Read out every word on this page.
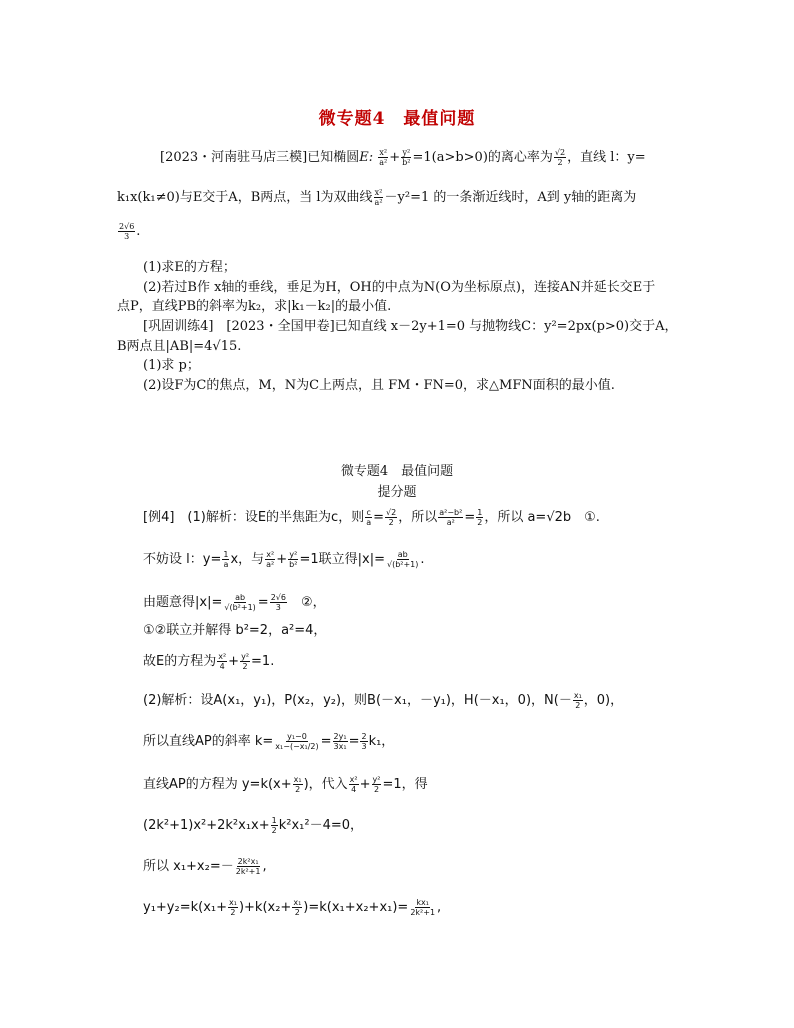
微专题4　最值问题
[2023・河南驻马店三模]已知椭圆E: $\frac{\text{x²}}{\text{a²}} + \frac{\text{y²}}{\text{b²}} =1(a>b>0)$的离心率为 $\frac{√2}{2}$ ，直线 l：y=
k₁x(k₁≠0)与E交于A，B两点，当 l为双曲线 $\frac{\text{x²}}{\text{a²}} -y^2=1$ 的一条渐近线时，A到 y轴的距离为
$\frac{2√6}{3}$ .
(1)求E的方程；
(2)若过B作 x轴的垂线，垂足为H，OH的中点为N(O为坐标原点)，连接AN并延长交E于
点P，直线PB的斜率为k₂，求|k₁－k₂|的最小值.
[巩固训练4]　[2023・全国甲卷]已知直线 x－2y+1=0 与抛物线C：y²=2px(p>0)交于A，
B两点且|AB|=4√15.
(1)求 p；
(2)设F为C的焦点，M，N为C上两点，且 FM・FN=0，求△MFN面积的最小值.
微专题4　最值问题
提分题
[例4]　(1)解析：设E的半焦距为c，则 $\frac{c}{a} = \frac{√2}{2}$ ，所以 $\frac{\text{a²−b²}}{\text{a²}} = \frac{1}{2}$ ，所以 a=√2b　①.
不妨设 l：$y= \frac{1}{a}$ x，与 $\frac{\text{x²}}{\text{a²}} + \frac{\text{y²}}{\text{b²}} =1$联立得$|x|= \frac{ab}{\text{√(b²+1)}}$ .
由题意得$|x|= \frac{ab}{\text{√(b²+1)}} = \frac{2√6}{3}$ 　②，
①②联立并解得 b²=2，a²=4，
故E的方程为 $\frac{\text{x²}}{4} + \frac{\text{y²}}{2} =1$.
(2)解析：设A(x₁，y₁)，P(x₂，y₂)，则B(－x₁，－y₁)，H(－x₁，0)，$N(- \frac{\text{x₁}}{2}$ ，0)，
所以直线AP的斜率 $k= \frac{\text{y₁−0}}{\text{x₁−(−x₁/2)}} = \frac{\text{2y₁}}{\text{3x₁}} = \frac{2}{3} k_1$，
直线AP的方程为 $y=k(x+ \frac{\text{x₁}}{2}$ )，代入 $\frac{\text{x²}}{4} + \frac{\text{y²}}{2} =1$，得
$(2k^2+1)x^2+2k^2x_1x+ \frac{1}{2} k^2x_1^2-4=0$，
所以 $x_1+x_2=- \frac{\text{2k²x₁}}{\text{2k²+1}}$ ,
$y_1+y_2=k(x_1+ \frac{\text{x₁}}{2} )+k(x_2+ \frac{\text{x₁}}{2} )=k(x_1+x_2+x_1)= \frac{\text{kx₁}}{\text{2k²+1}}$ ,
